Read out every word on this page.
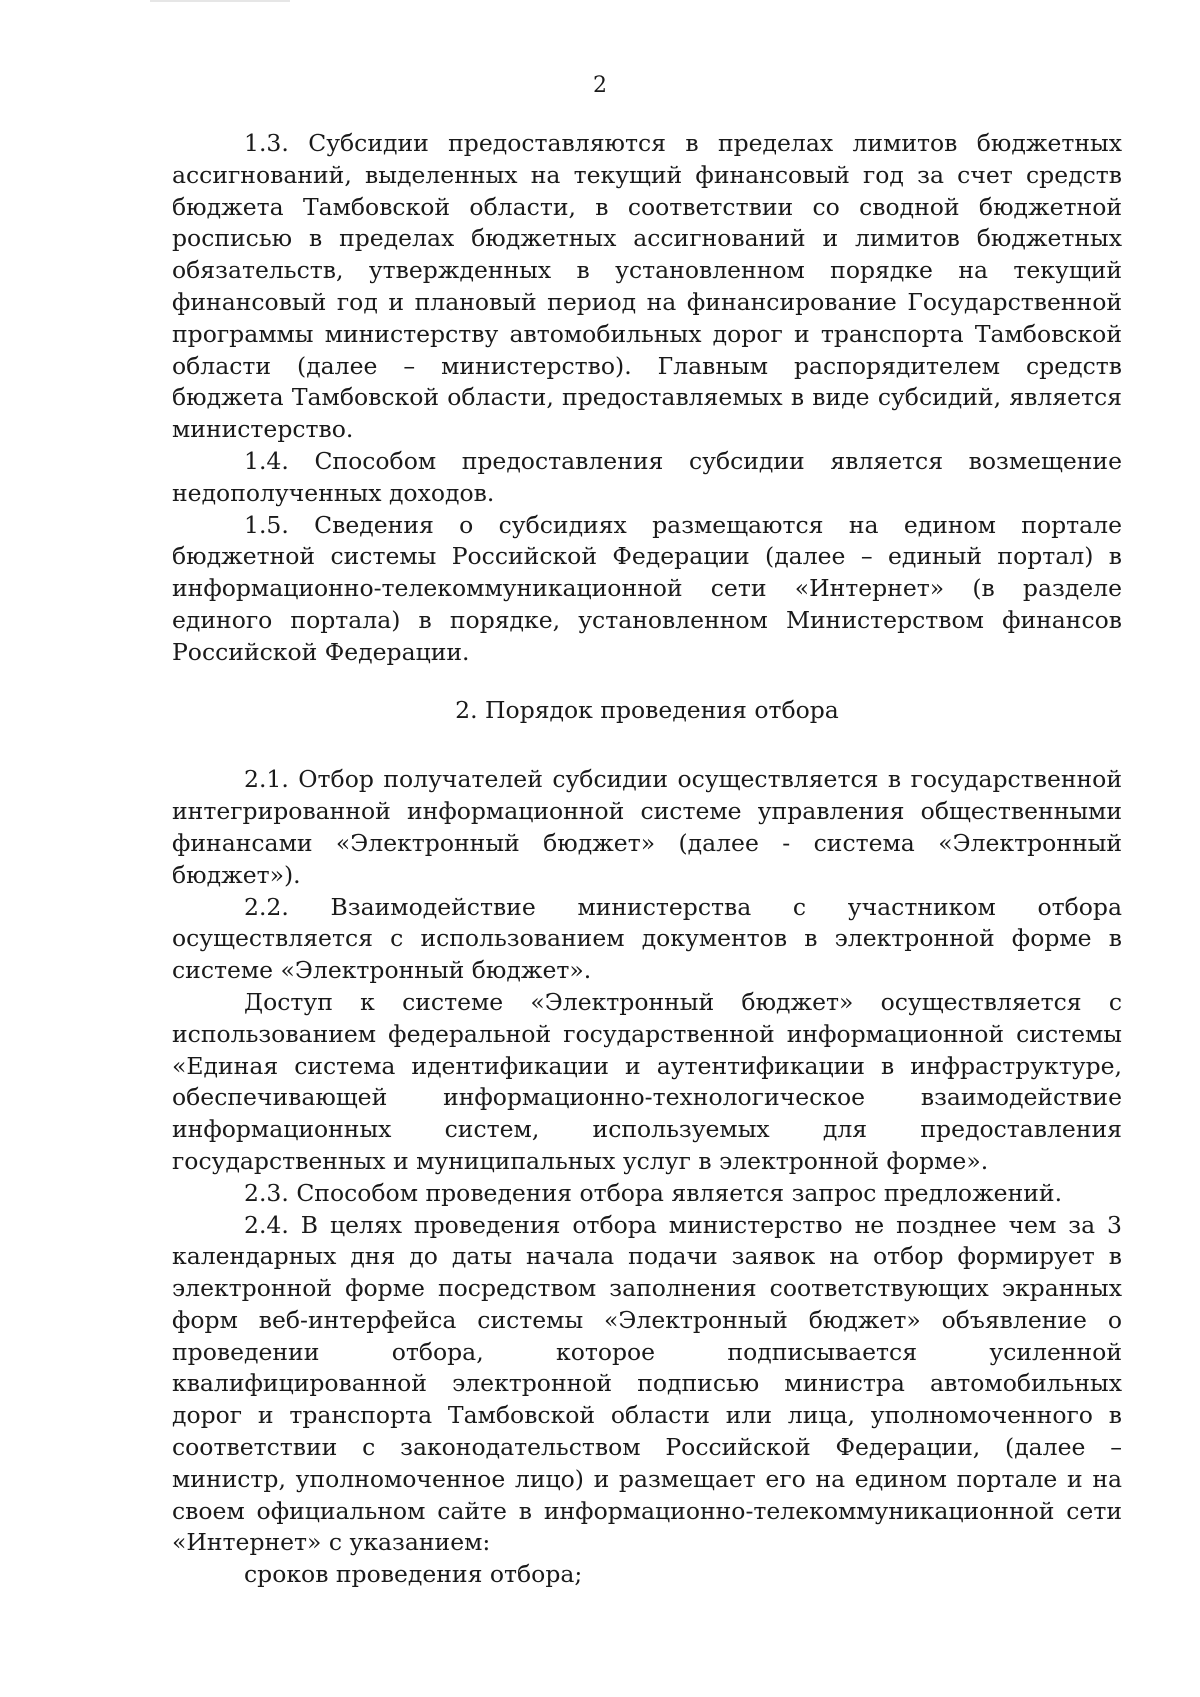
2

1.3. Субсидии предоставляются в пределах лимитов бюджетных ассигнований, выделенных на текущий финансовый год за счет средств бюджета Тамбовской области, в соответствии со сводной бюджетной росписью в пределах бюджетных ассигнований и лимитов бюджетных обязательств, утвержденных в установленном порядке на текущий финансовый год и плановый период на финансирование Государственной программы министерству автомобильных дорог и транспорта Тамбовской области (далее – министерство). Главным распорядителем средств бюджета Тамбовской области, предоставляемых в виде субсидий, является министерство.

1.4. Способом предоставления субсидии является возмещение недополученных доходов.

1.5. Сведения о субсидиях размещаются на едином портале бюджетной системы Российской Федерации (далее – единый портал) в информационно-телекоммуникационной сети «Интернет» (в разделе единого портала) в порядке, установленном Министерством финансов Российской Федерации.

2. Порядок проведения отбора

2.1. Отбор получателей субсидии осуществляется в государственной интегрированной информационной системе управления общественными финансами «Электронный бюджет» (далее - система «Электронный бюджет»).

2.2. Взаимодействие министерства с участником отбора осуществляется с использованием документов в электронной форме в системе «Электронный бюджет».

Доступ к системе «Электронный бюджет» осуществляется с использованием федеральной государственной информационной системы «Единая система идентификации и аутентификации в инфраструктуре, обеспечивающей информационно-технологическое взаимодействие информационных систем, используемых для предоставления государственных и муниципальных услуг в электронной форме».

2.3. Способом проведения отбора является запрос предложений.

2.4. В целях проведения отбора министерство не позднее чем за 3 календарных дня до даты начала подачи заявок на отбор формирует в электронной форме посредством заполнения соответствующих экранных форм веб-интерфейса системы «Электронный бюджет» объявление о проведении отбора, которое подписывается усиленной квалифицированной электронной подписью министра автомобильных дорог и транспорта Тамбовской области или лица, уполномоченного в соответствии с законодательством Российской Федерации, (далее – министр, уполномоченное лицо) и размещает его на едином портале и на своем официальном сайте в информационно-телекоммуникационной сети «Интернет» с указанием:

сроков проведения отбора;
